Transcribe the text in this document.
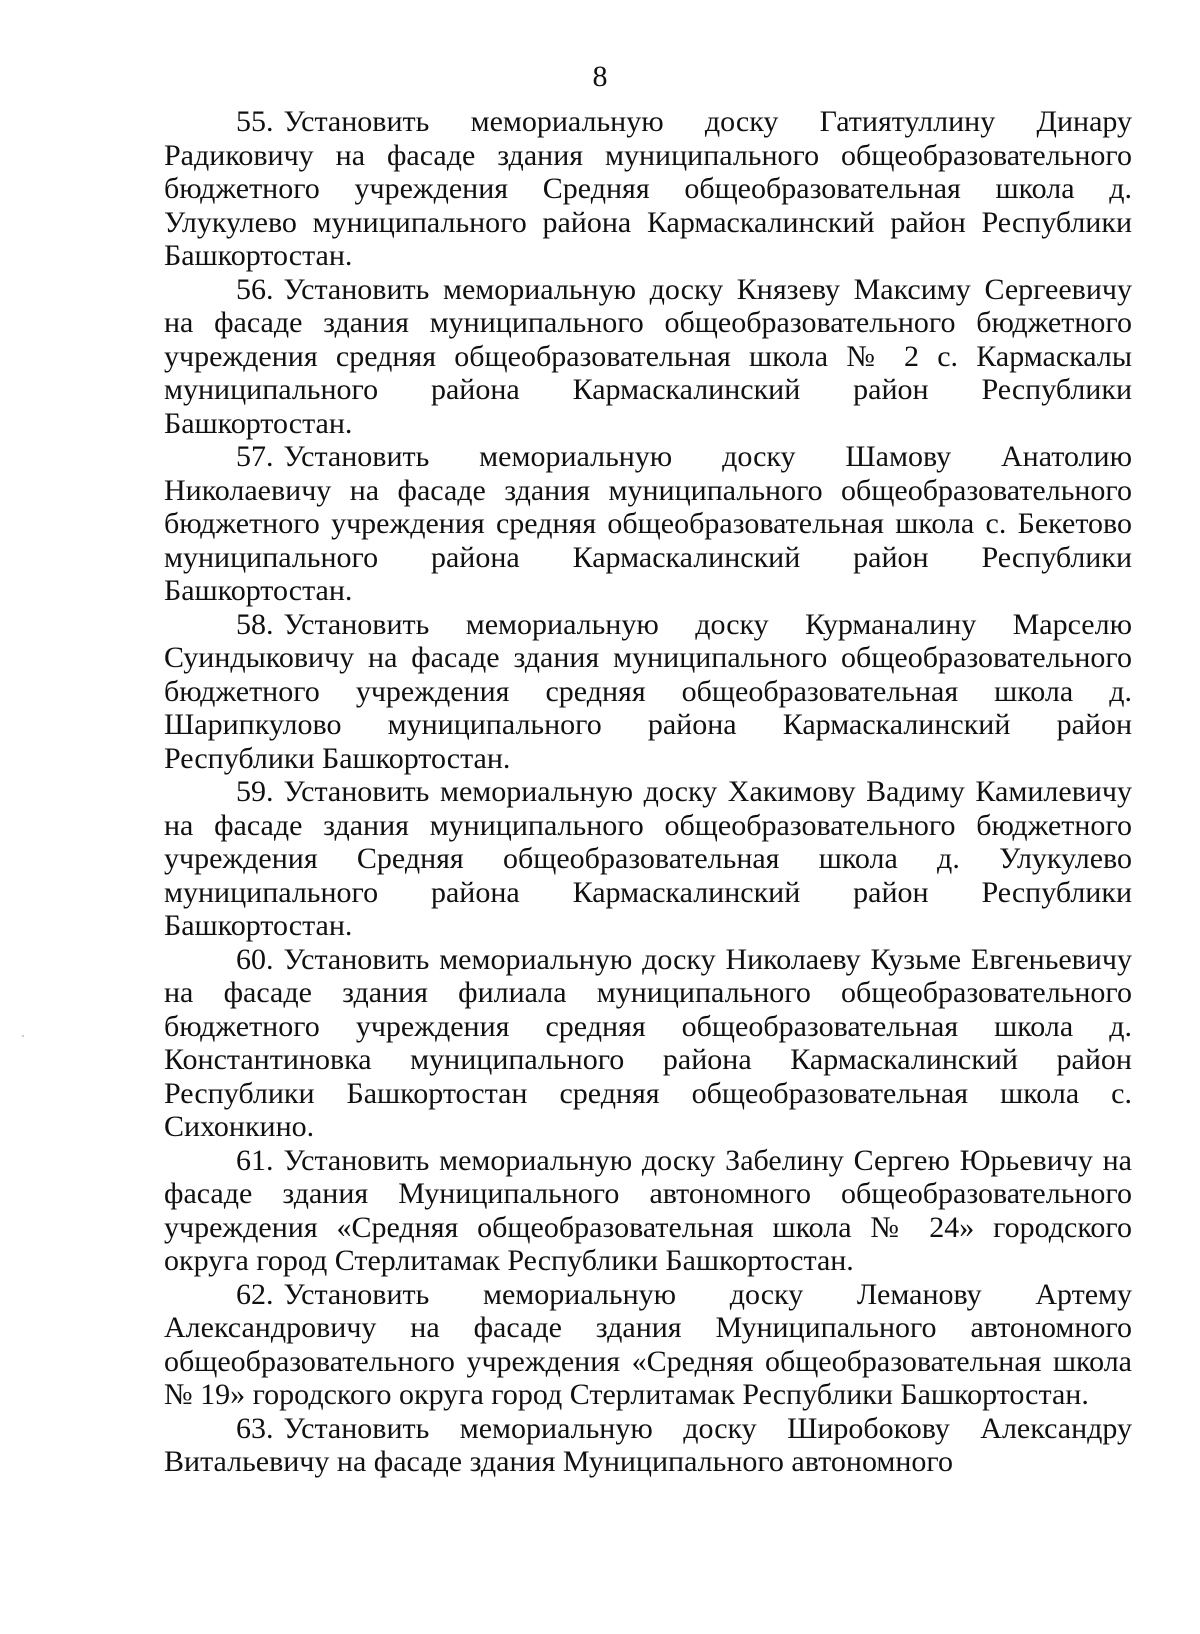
8

55. Установить мемориальную доску Гатиятуллину Динару Радиковичу на фасаде здания муниципального общеобразовательного бюджетного учреждения Средняя общеобразовательная школа д. Улукулево муниципального района Кармаскалинский район Республики Башкортостан.

56. Установить мемориальную доску Князеву Максиму Сергеевичу на фасаде здания муниципального общеобразовательного бюджетного учреждения средняя общеобразовательная школа № 2 с. Кармаскалы муниципального района Кармаскалинский район Республики Башкортостан.

57. Установить мемориальную доску Шамову Анатолию Николаевичу на фасаде здания муниципального общеобразовательного бюджетного учреждения средняя общеобразовательная школа с. Бекетово муниципального района Кармаскалинский район Республики Башкортостан.

58. Установить мемориальную доску Курманалину Марселю Суиндыковичу на фасаде здания муниципального общеобразовательного бюджетного учреждения средняя общеобразовательная школа д. Шарипкулово муниципального района Кармаскалинский район Республики Башкортостан.

59. Установить мемориальную доску Хакимову Вадиму Камилевичу на фасаде здания муниципального общеобразовательного бюджетного учреждения Средняя общеобразовательная школа д. Улукулево муниципального района Кармаскалинский район Республики Башкортостан.

60. Установить мемориальную доску Николаеву Кузьме Евгеньевичу на фасаде здания филиала муниципального общеобразовательного бюджетного учреждения средняя общеобразовательная школа д. Константиновка муниципального района Кармаскалинский район Республики Башкортостан средняя общеобразовательная школа с. Сихонкино.

61. Установить мемориальную доску Забелину Сергею Юрьевичу на фасаде здания Муниципального автономного общеобразовательного учреждения «Средняя общеобразовательная школа № 24» городского округа город Стерлитамак Республики Башкортостан.

62. Установить мемориальную доску Леманову Артему Александровичу на фасаде здания Муниципального автономного общеобразовательного учреждения «Средняя общеобразовательная школа № 19» городского округа город Стерлитамак Республики Башкортостан.

63. Установить мемориальную доску Широбокову Александру Витальевичу на фасаде здания Муниципального автономного
